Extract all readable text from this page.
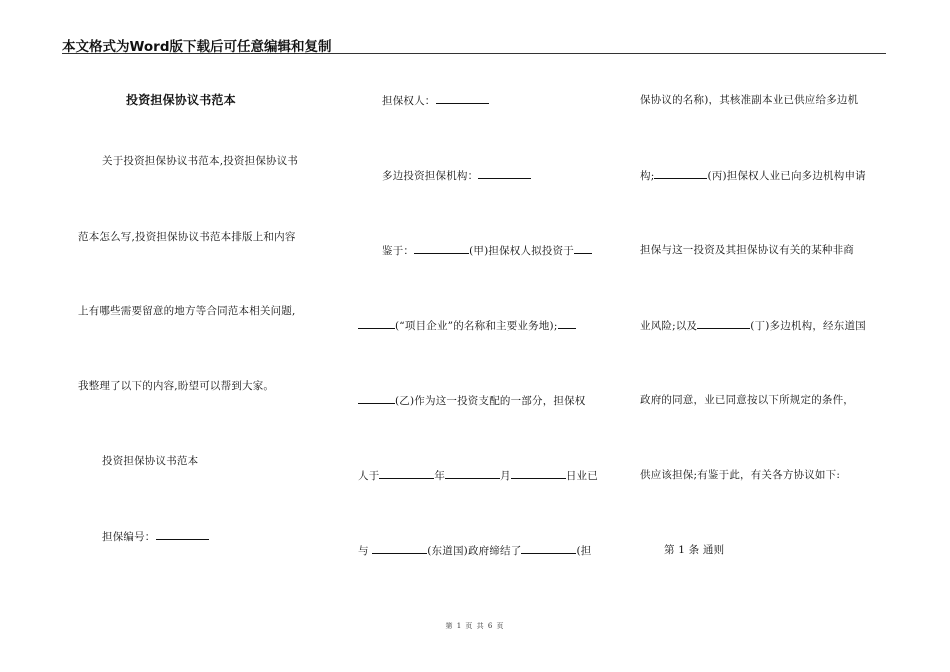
本文格式为Word版下载后可任意编辑和复制
投资担保协议书范本
关于投资担保协议书范本,投资担保协议书
范本怎么写,投资担保协议书范本排版上和内容
上有哪些需要留意的地方等合同范本相关问题,
我整理了以下的内容,盼望可以帮到大家。
投资担保协议书范本
担保编号：
担保权人：
多边投资担保机构：
鉴于：	(甲)担保权人拟投资于
(“项目企业”的名称和主要业务地);
(乙)作为这一投资支配的一部分，担保权
人于	年	月	日业已
与	(东道国)政府缔结了	(担
保协议的名称)，其核准副本业已供应给多边机
构;	(丙)担保权人业已向多边机构申请
担保与这一投资及其担保协议有关的某种非商
业风险;以及	(丁)多边机构，经东道国
政府的同意，业已同意按以下所规定的条件，
供应该担保;有鉴于此，有关各方协议如下:
第 1 条 通则
第 1 页 共 6 页
